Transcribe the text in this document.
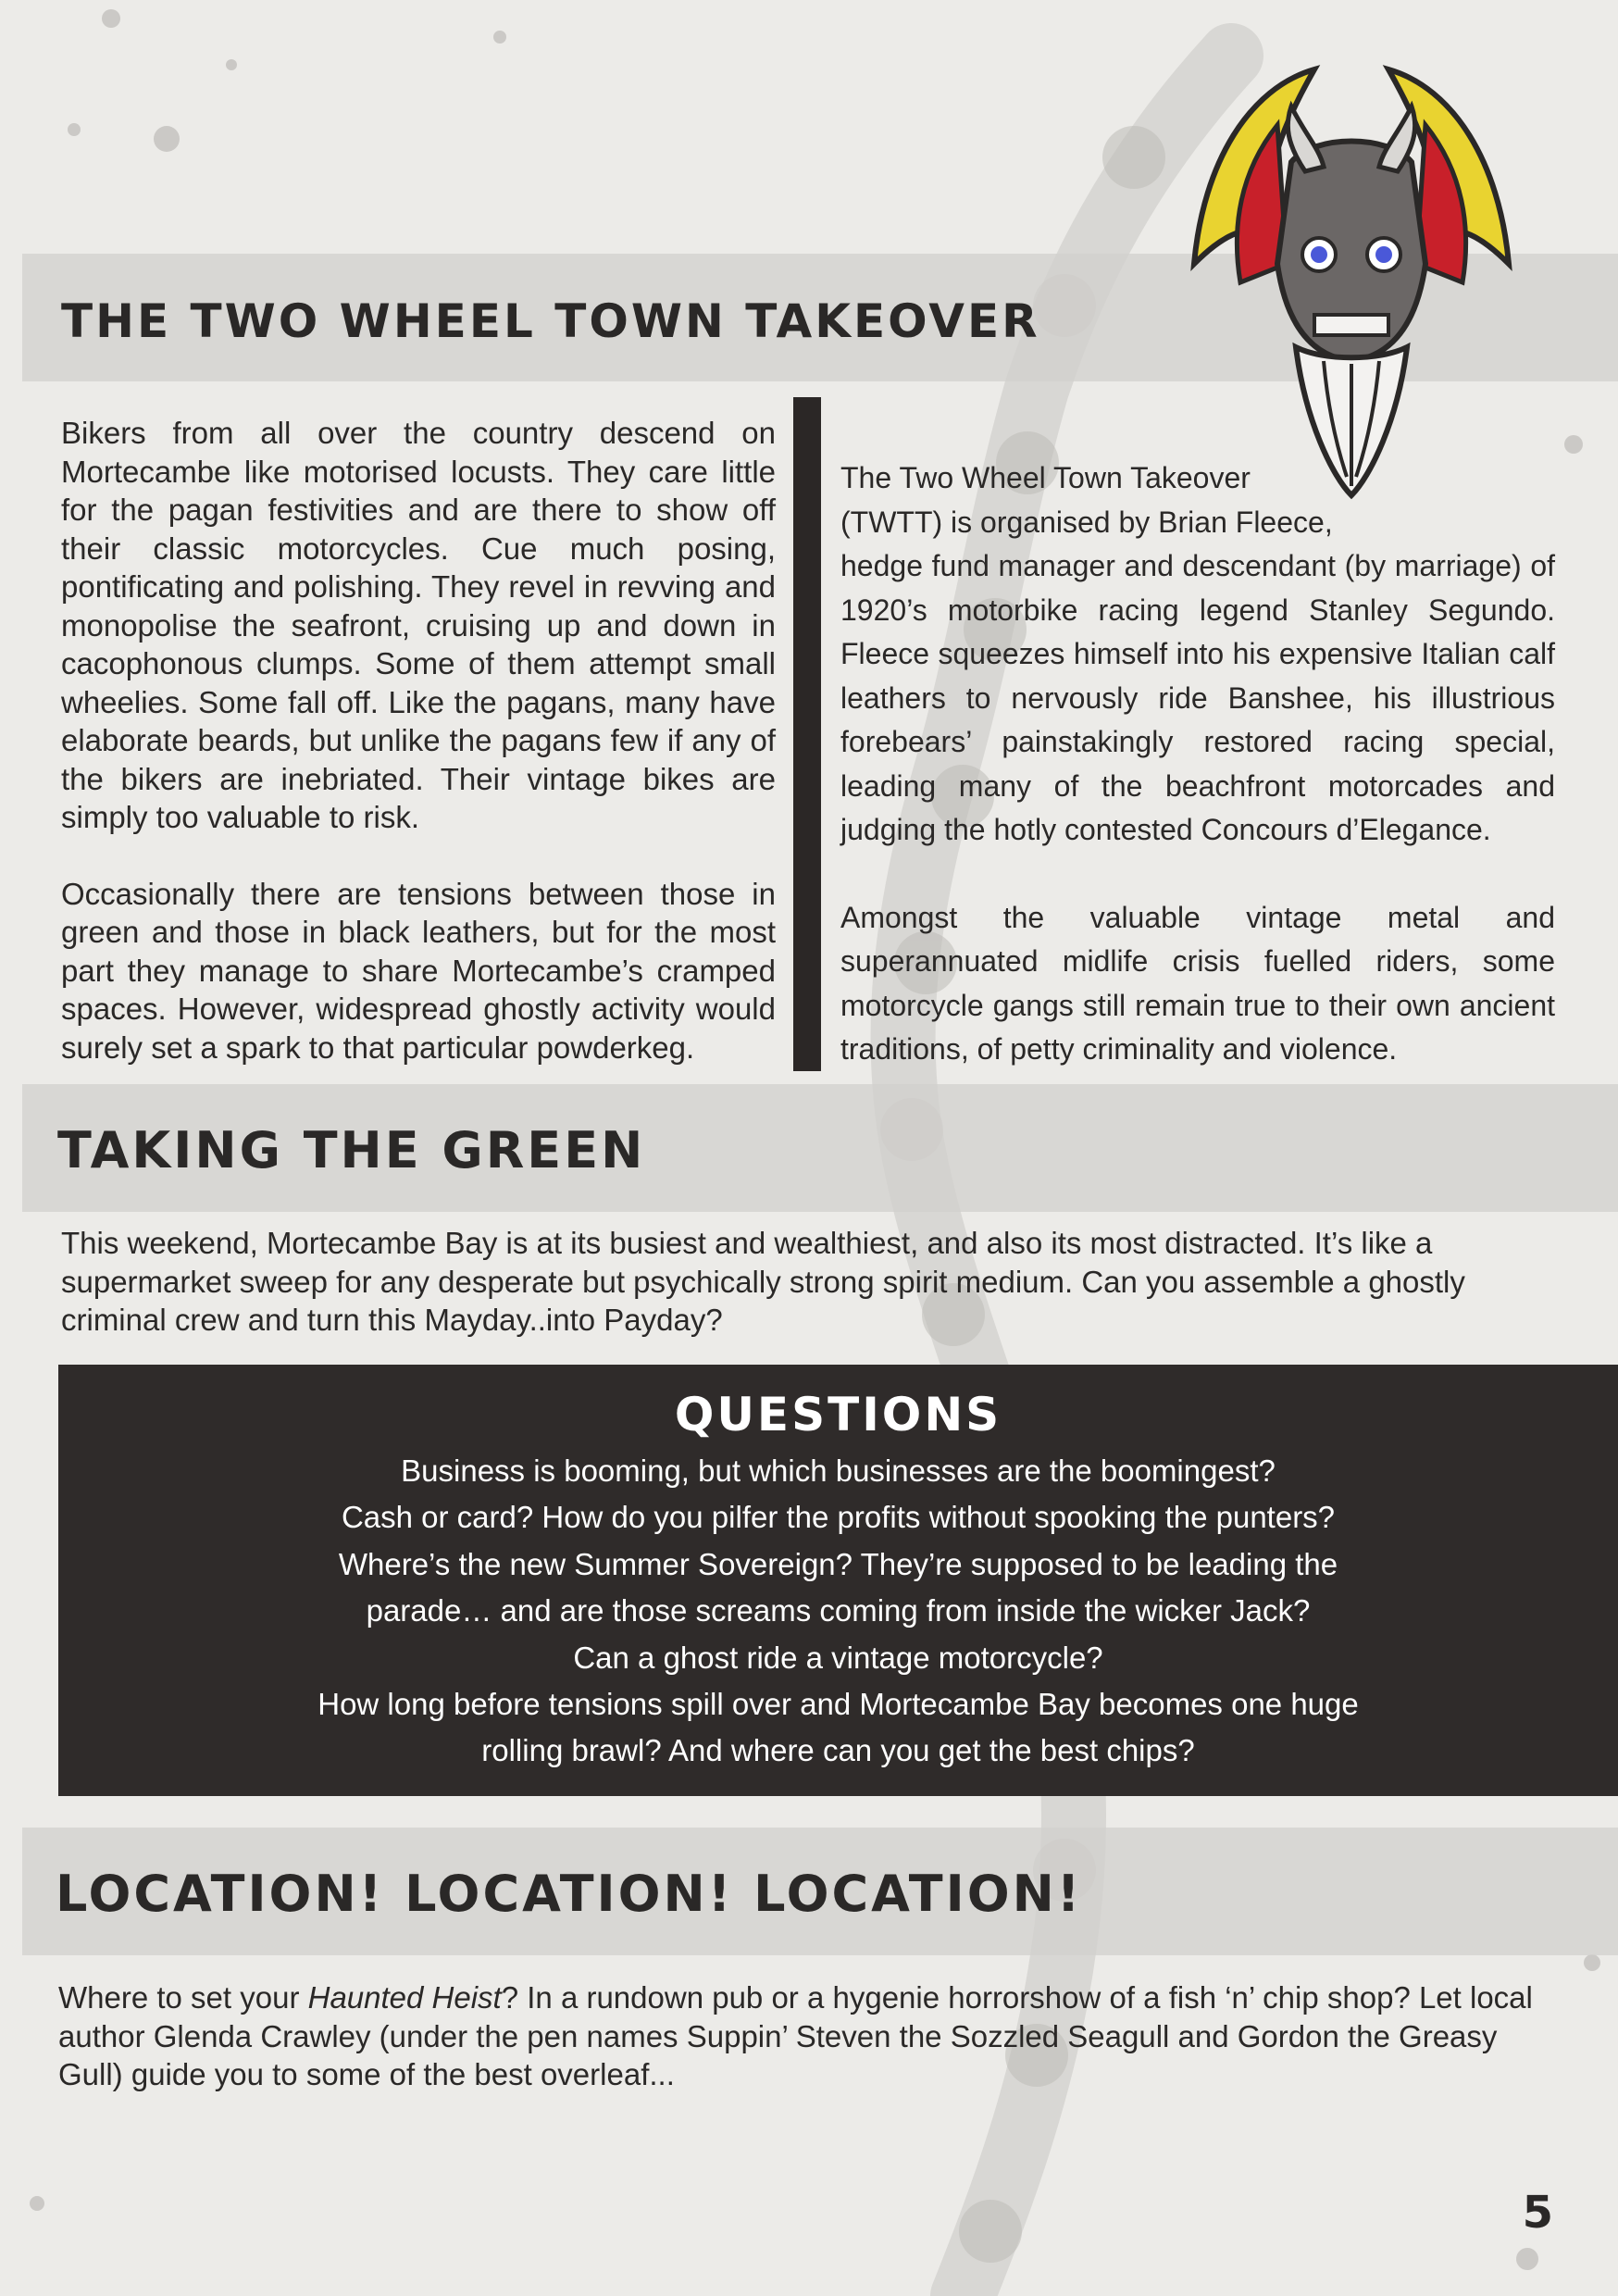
THE TWO WHEEL TOWN TAKEOVER

Bikers from all over the country descend on Mortecambe like motorised locusts. They care little for the pagan festivities and are there to show off their classic motorcycles. Cue much posing, pontificating and polishing. They revel in revving and monopolise the seafront, cruising up and down in cacophonous clumps. Some of them attempt small wheelies. Some fall off. Like the pagans, many have elaborate beards, but unlike the pagans few if any of the bikers are inebriated. Their vintage bikes are simply too valuable to risk.

Occasionally there are tensions between those in green and those in black leathers, but for the most part they manage to share Mortecambe’s cramped spaces. However, widespread ghostly activity would surely set a spark to that particular powderkeg.

The Two Wheel Town Takeover
(TWTT) is organised by Brian Fleece,

hedge fund manager and descendant (by marriage) of 1920’s motorbike racing legend Stanley Segundo. Fleece squeezes himself into his expensive Italian calf leathers to nervously ride Banshee, his illustrious forebears’ painstakingly restored racing special, leading many of the beachfront motorcades and judging the hotly contested Concours d’Elegance.

Amongst the valuable vintage metal and superannuated midlife crisis fuelled riders, some motorcycle gangs still remain true to their own ancient traditions, of petty criminality and violence.

TAKING THE GREEN

This weekend, Mortecambe Bay is at its busiest and wealthiest, and also its most distracted. It’s like a supermarket sweep for any desperate but psychically strong spirit medium. Can you assemble a ghostly criminal crew and turn this Mayday..into Payday?

QUESTIONS

Business is booming, but which businesses are the boomingest?

Cash or card? How do you pilfer the profits without spooking the punters?

Where’s the new Summer Sovereign? They’re supposed to be leading the

parade… and are those screams coming from inside the wicker Jack?

Can a ghost ride a vintage motorcycle?

How long before tensions spill over and Mortecambe Bay becomes one huge

rolling brawl? And where can you get the best chips?

LOCATION! LOCATION! LOCATION!

Where to set your Haunted Heist? In a rundown pub or a hygenie horrorshow of a fish ‘n’ chip shop? Let local author Glenda Crawley (under the pen names Suppin’ Steven the Sozzled Seagull and Gordon the Greasy Gull) guide you to some of the best overleaf...

5
